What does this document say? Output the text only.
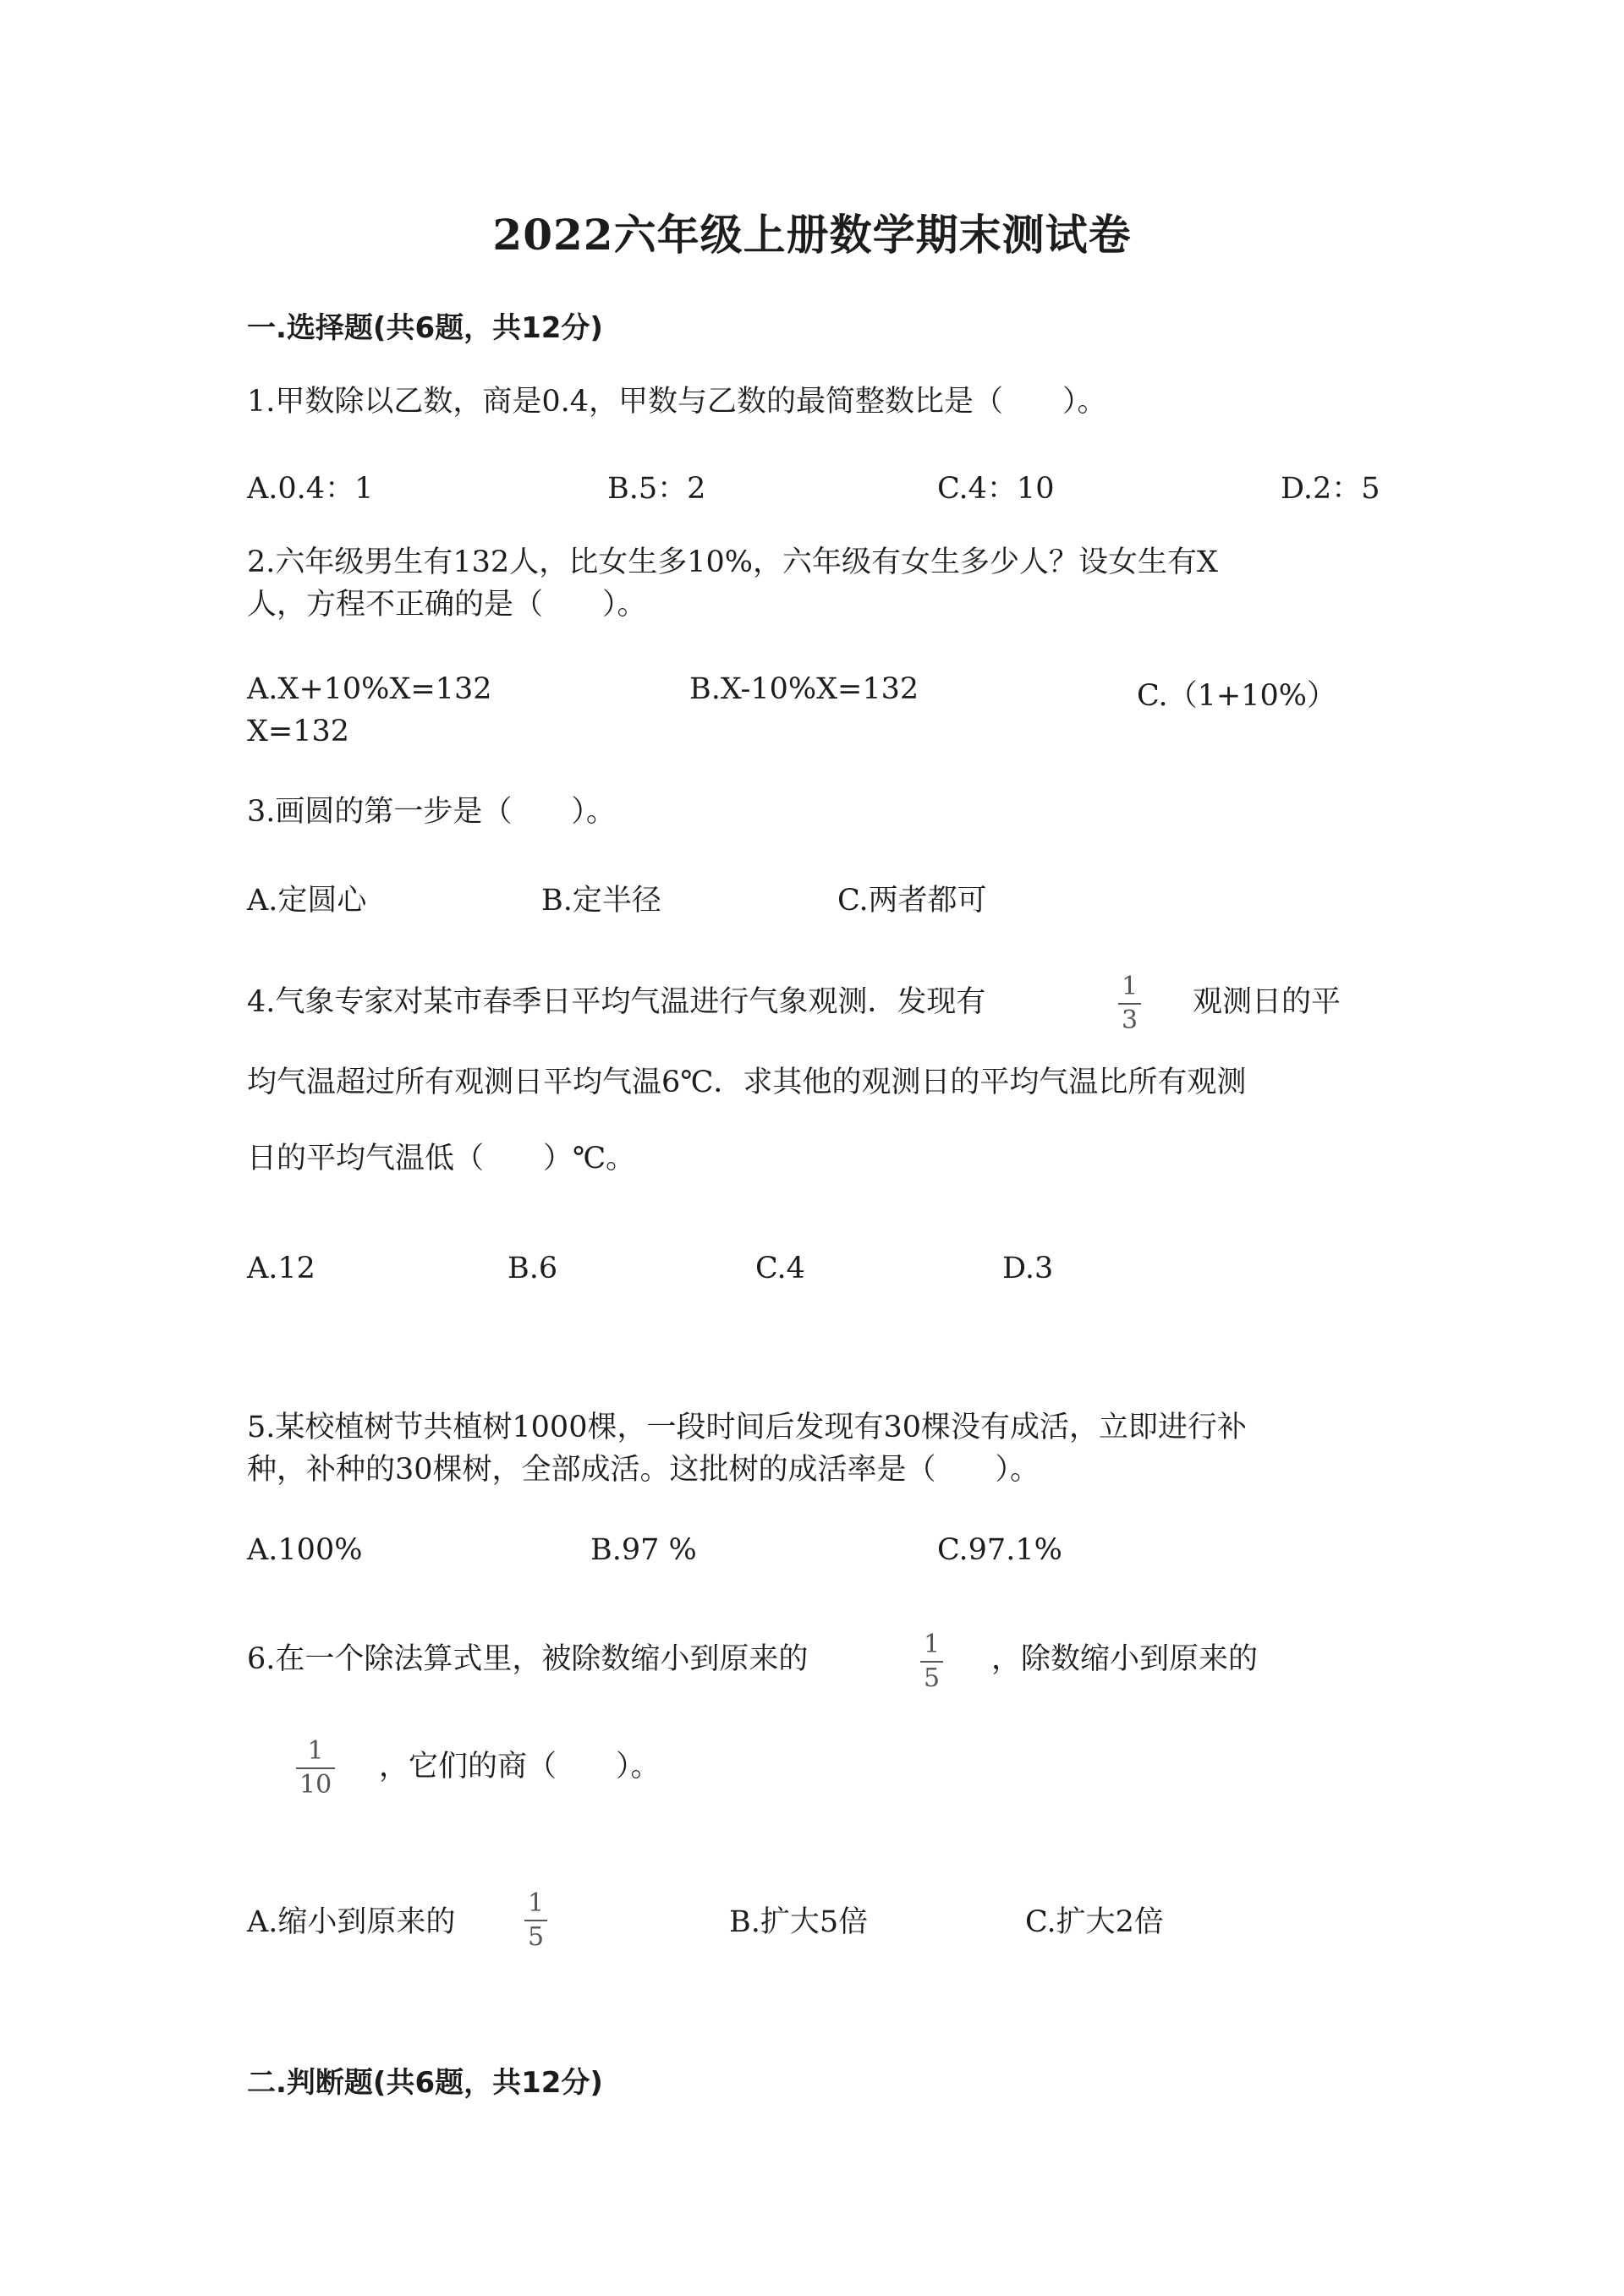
2022六年级上册数学期末测试卷
一.选择题(共6题，共12分)
1.甲数除以乙数，商是0.4，甲数与乙数的最简整数比是（　　）。
A.0.4：1	B.5：2	C.4：10	D.2：5
2.六年级男生有132人，比女生多10%，六年级有女生多少人？设女生有X
人，方程不正确的是（　　）。
A.X+10%X=132	B.X-10%X=132	C.（1+10%）
X=132
3.画圆的第一步是（　　）。
A.定圆心	B.定半径	C.两者都可
4.气象专家对某市春季日平均气温进行气象观测．发现有	1
3
观测日的平
均气温超过所有观测日平均气温6℃．求其他的观测日的平均气温比所有观测
日的平均气温低（　　）℃。
A.12	B.6	C.4	D.3
5.某校植树节共植树1000棵，一段时间后发现有30棵没有成活，立即进行补
种，补种的30棵树，全部成活。这批树的成活率是（　　）。
A.100%	B.97 %	C.97.1%
6.在一个除法算式里，被除数缩小到原来的	1
5
，除数缩小到原来的
1
10
，它们的商（　　）。
A.缩小到原来的
1
5	B.扩大5倍	C.扩大2倍
二.判断题(共6题，共12分)
